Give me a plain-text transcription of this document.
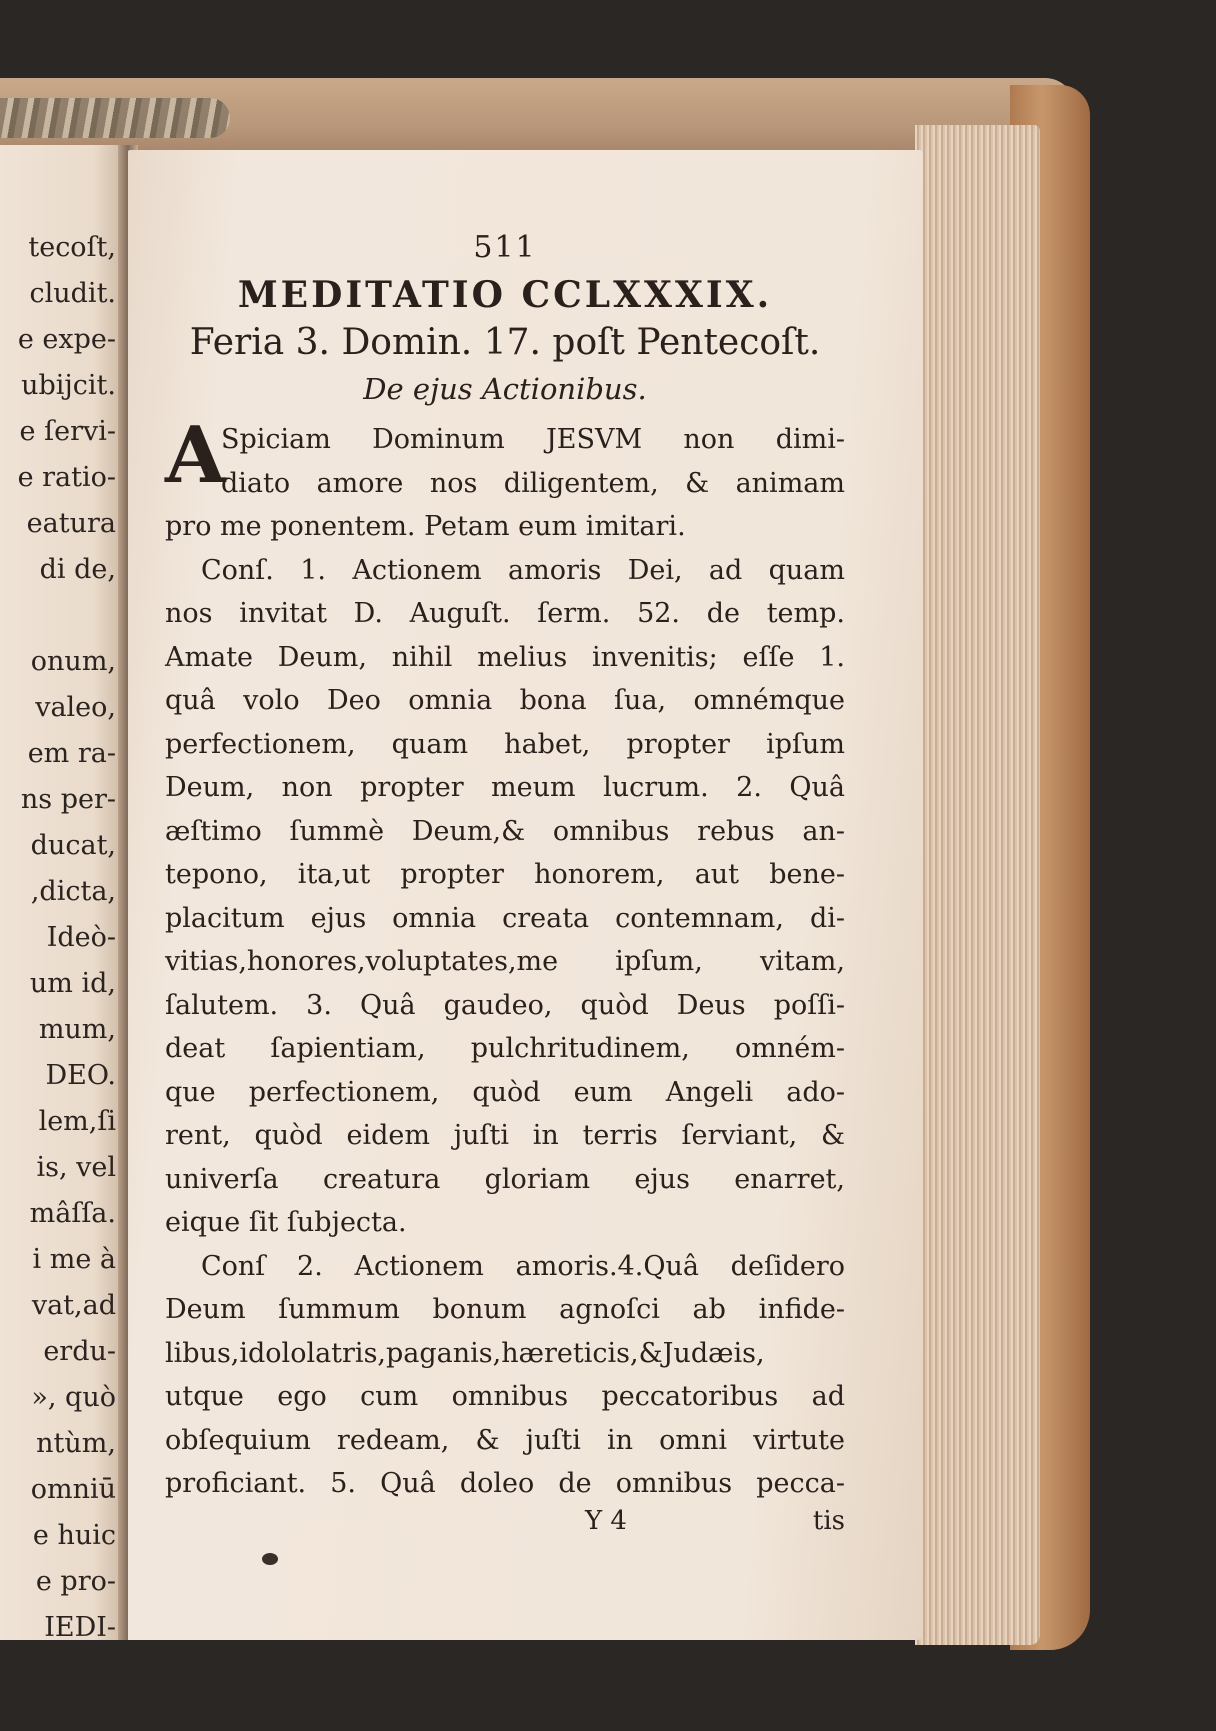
tecoſt,
cludit.
e expe-
ubijcit.
e ſervi-
e ratio-
eatura
di de,
onum,
valeo,
em ra-
ns per-
ducat,
,dicta,
Ideò-
um id,
mum,
DEO.
lem,ſi
is, vel
mâſſa.
i me à
vat,ad
erdu-
», quò
ntùm,
omniū
e huic
e pro-
IEDI-
511
MEDITATIO CCLXXXIX.
Feria 3. Domin. 17. poſt Pentecoſt.
De ejus Actionibus.
A
Spiciam Dominum JESVM non dimi-
diato amore nos diligentem, & animam
pro me ponentem. Petam eum imitari.
Conſ. 1. Actionem amoris Dei, ad quam
nos invitat D. Auguſt. ſerm. 52. de temp.
Amate Deum, nihil melius invenitis; eſſe 1.
quâ volo Deo omnia bona ſua, omnémque
perfectionem, quam habet, propter ipſum
Deum, non propter meum lucrum. 2. Quâ
æſtimo ſummè Deum,& omnibus rebus an-
tepono, ita,ut propter honorem, aut bene-
placitum ejus omnia creata contemnam, di-
vitias,honores,voluptates,me ipſum, vitam,
ſalutem. 3. Quâ gaudeo, quòd Deus poſſi-
deat ſapientiam, pulchritudinem, omném-
que perfectionem, quòd eum Angeli ado-
rent, quòd eidem juſti in terris ſerviant, &
univerſa creatura gloriam ejus enarret,
eique ſit ſubjecta.
Conſ 2. Actionem amoris.4.Quâ deſidero
Deum ſummum bonum agnoſci ab infide-
libus,idololatris,paganis,hæreticis,&Judæis,
utque ego cum omnibus peccatoribus ad
obſequium redeam, & juſti in omni virtute
proficiant. 5. Quâ doleo de omnibus pecca-
Y 4	tis
